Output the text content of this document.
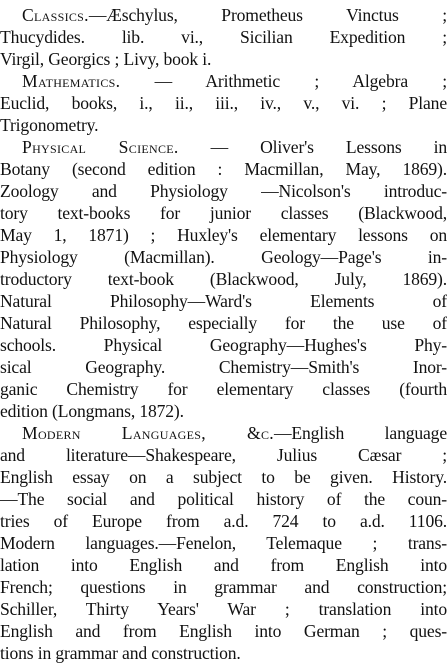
Classics.—Æschylus, Prometheus Vinctus ;
Thucydides. lib. vi., Sicilian Expedition ;
Virgil, Georgics ; Livy, book i.
Mathematics. — Arithmetic ; Algebra ;
Euclid, books, i., ii., iii., iv., v., vi. ; Plane
Trigonometry.
Physical Science. — Oliver's Lessons in
Botany (second edition : Macmillan, May, 1869).
Zoology and Physiology —Nicolson's introduc-
tory text-books for junior classes (Blackwood,
May 1, 1871) ; Huxley's elementary lessons on
Physiology (Macmillan). Geology—Page's in-
troductory text-book (Blackwood, July, 1869).
Natural Philosophy—Ward's Elements of
Natural Philosophy, especially for the use of
schools. Physical Geography—Hughes's Phy-
sical Geography. Chemistry—Smith's Inor-
ganic Chemistry for elementary classes (fourth
edition (Longmans, 1872).
Modern Languages, &c.—English language
and literature—Shakespeare, Julius Cæsar ;
English essay on a subject to be given. History.
—The social and political history of the coun-
tries of Europe from a.d. 724 to a.d. 1106.
Modern languages.—Fenelon, Telemaque ; trans-
lation into English and from English into
French; questions in grammar and construction;
Schiller, Thirty Years' War ; translation into
English and from English into German ; ques-
tions in grammar and construction.
